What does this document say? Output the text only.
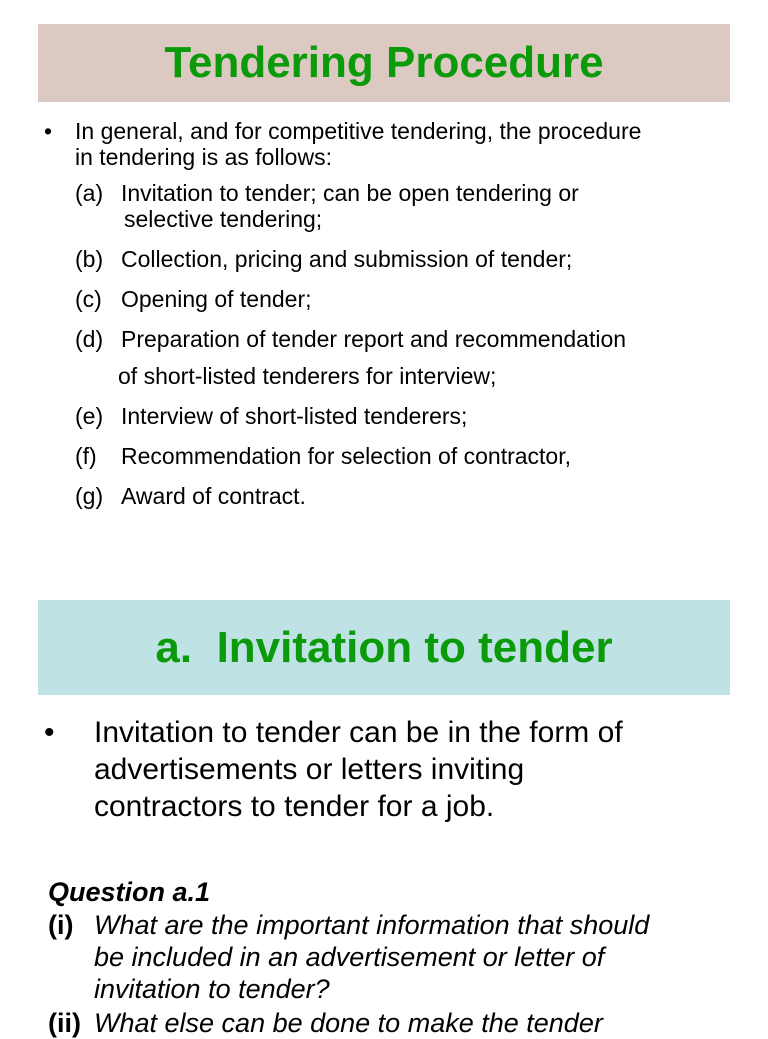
Tendering Procedure
• In general, and for competitive tendering, the procedure
in tendering is as follows:
(a) Invitation to tender; can be open tendering or
selective tendering;
(b) Collection, pricing and submission of tender;
(c) Opening of tender;
(d) Preparation of tender report and recommendation
of short-listed tenderers for interview;
(e) Interview of short-listed tenderers;
(f)	Recommendation for selection of contractor,
(g) Award of contract.
a.  Invitation to tender
•	Invitation to tender can be in the form of
advertisements or letters inviting
contractors to tender for a job.
Question a.1
(i) What are the important information that should
be included in an advertisement or letter of
invitation to tender?
(ii) What else can be done to make the tender
